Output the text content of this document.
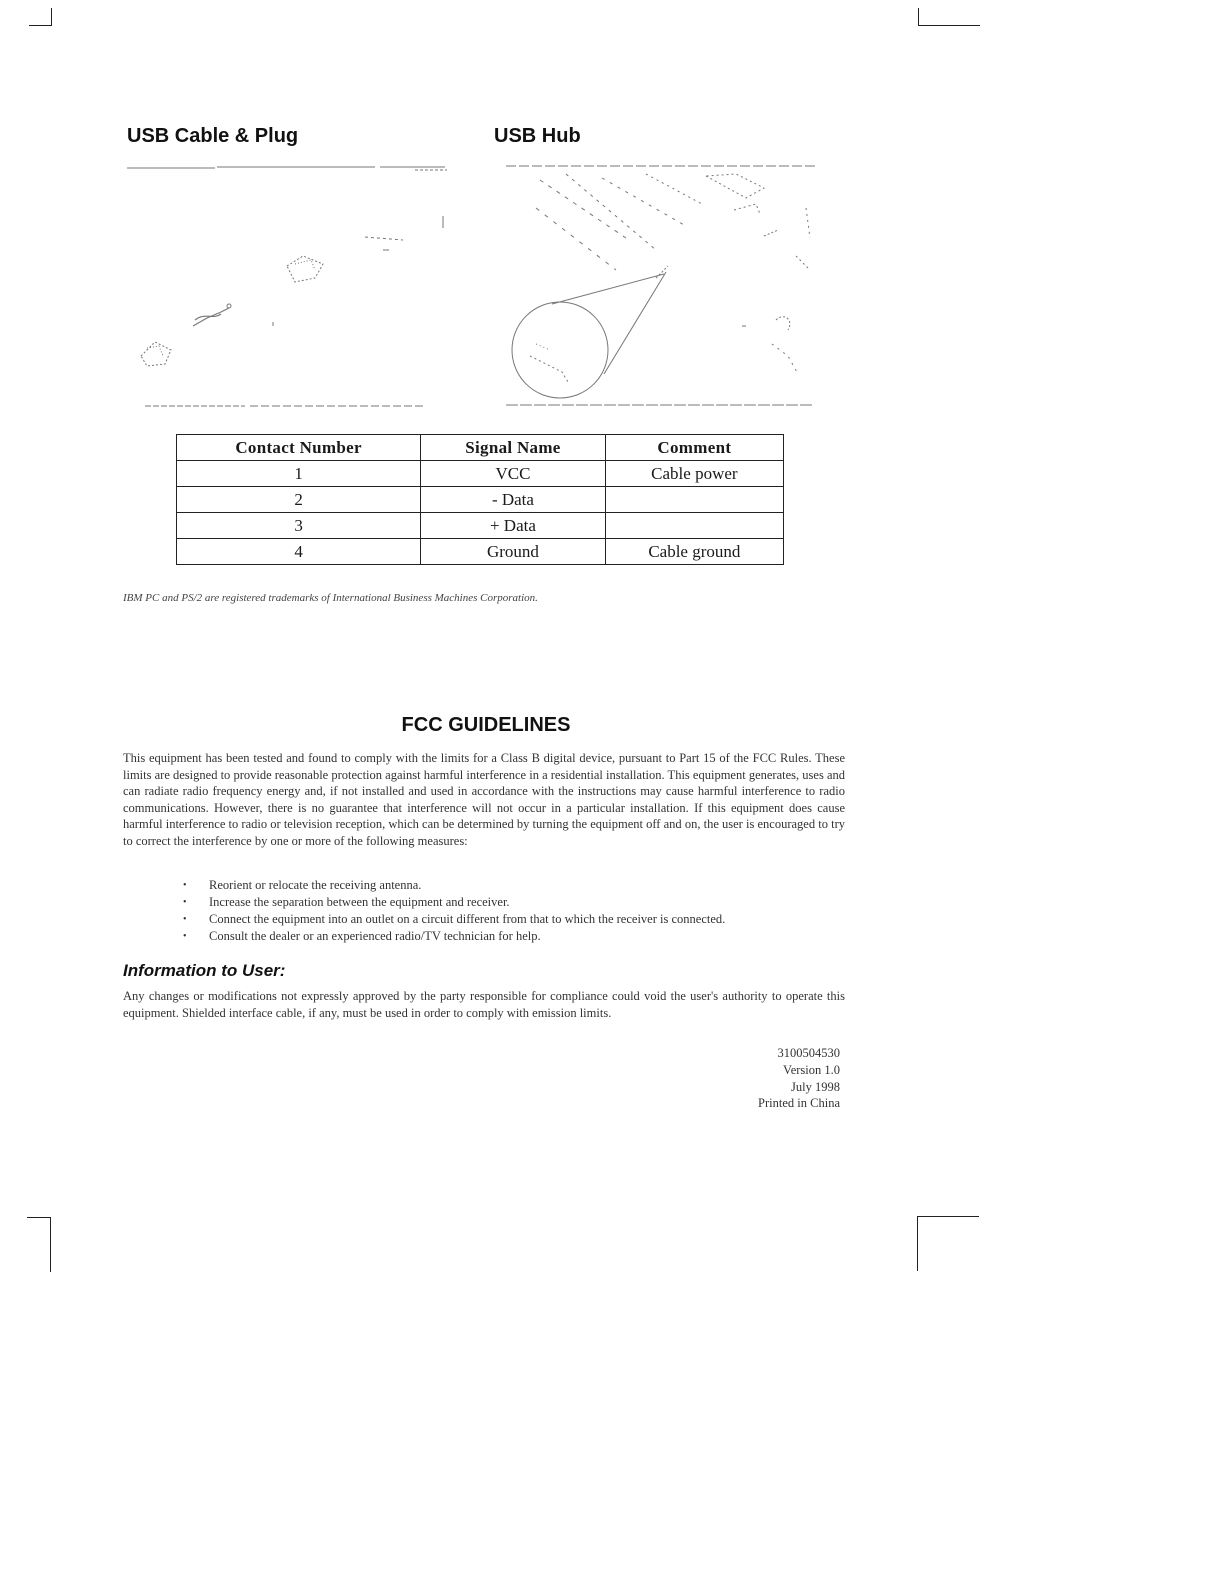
USB Cable & Plug	USB Hub
Contact Number	Signal Name	Comment
1	VCC	Cable power
2	- Data	
3	+ Data	
4	Ground	Cable ground

IBM PC and PS/2 are registered trademarks of International Business Machines Corporation.

FCC GUIDELINES

This equipment has been tested and found to comply with the limits for a Class B digital device, pursuant to Part 15 of the FCC Rules. These limits are designed to provide reasonable protection against harmful interference in a residential installation. This equipment generates, uses and can radiate radio frequency energy and, if not installed and used in accordance with the instructions may cause harmful interference to radio communications. However, there is no guarantee that interference will not occur in a particular installation. If this equipment does cause harmful interference to radio or television reception, which can be determined by turning the equipment off and on, the user is encouraged to try to correct the interference by one or more of the following measures:

• Reorient or relocate the receiving antenna.
• Increase the separation between the equipment and receiver.
• Connect the equipment into an outlet on a circuit different from that to which the receiver is connected.
• Consult the dealer or an experienced radio/TV technician for help.
Information to User:

Any changes or modifications not expressly approved by the party responsible for compliance could void the user's authority to operate this equipment. Shielded interface cable, if any, must be used in order to comply with emission limits.

3100504530
Version 1.0
July 1998
Printed in China
